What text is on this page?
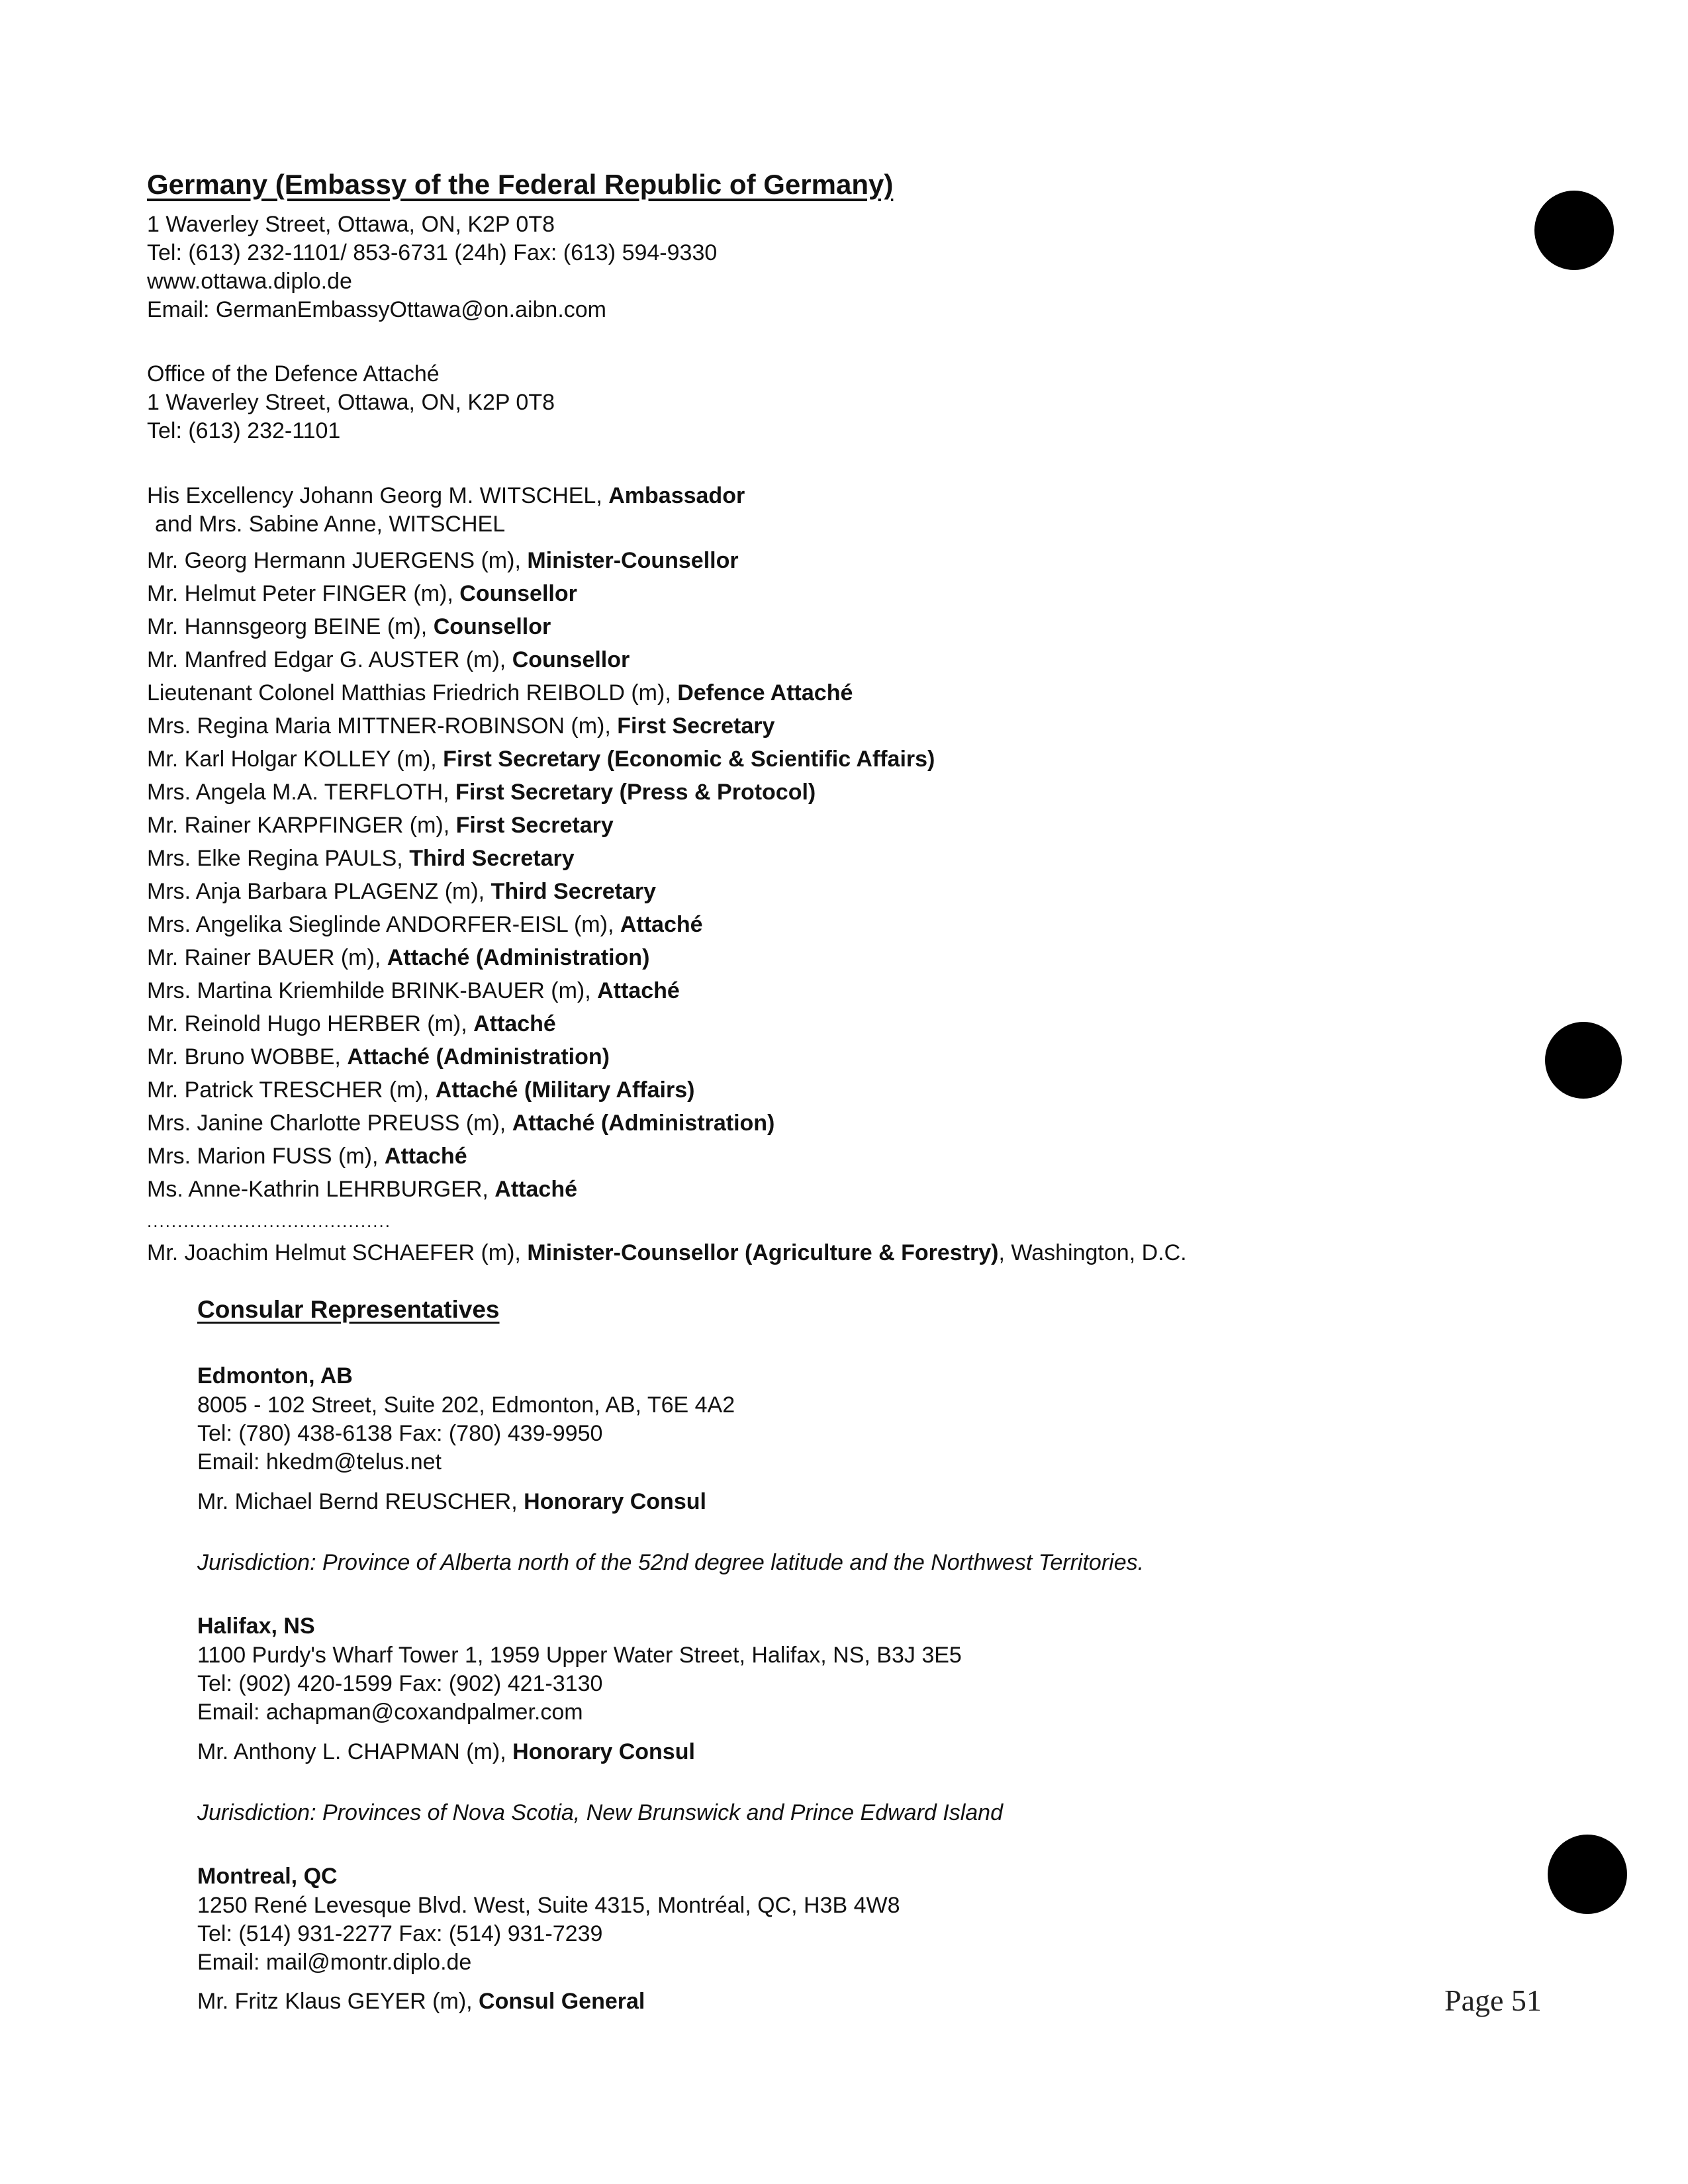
Germany (Embassy of the Federal Republic of Germany)
1 Waverley Street, Ottawa, ON, K2P 0T8
Tel: (613) 232-1101/ 853-6731 (24h) Fax: (613) 594-9330
www.ottawa.diplo.de
Email: GermanEmbassyOttawa@on.aibn.com
Office of the Defence Attaché
1 Waverley Street, Ottawa, ON, K2P 0T8
Tel: (613) 232-1101
His Excellency Johann Georg M. WITSCHEL, Ambassador
and Mrs. Sabine Anne, WITSCHEL
Mr. Georg Hermann JUERGENS (m), Minister-Counsellor
Mr. Helmut Peter FINGER (m), Counsellor
Mr. Hannsgeorg BEINE (m), Counsellor
Mr. Manfred Edgar G. AUSTER (m), Counsellor
Lieutenant Colonel Matthias Friedrich REIBOLD (m), Defence Attaché
Mrs. Regina Maria MITTNER-ROBINSON (m), First Secretary
Mr. Karl Holgar KOLLEY (m), First Secretary (Economic & Scientific Affairs)
Mrs. Angela M.A. TERFLOTH, First Secretary (Press & Protocol)
Mr. Rainer KARPFINGER (m), First Secretary
Mrs. Elke Regina PAULS, Third Secretary
Mrs. Anja Barbara PLAGENZ (m), Third Secretary
Mrs. Angelika Sieglinde ANDORFER-EISL (m), Attaché
Mr. Rainer BAUER (m), Attaché (Administration)
Mrs. Martina Kriemhilde BRINK-BAUER (m), Attaché
Mr. Reinold Hugo HERBER (m), Attaché
Mr. Bruno WOBBE, Attaché (Administration)
Mr. Patrick TRESCHER (m), Attaché (Military Affairs)
Mrs. Janine Charlotte PREUSS (m), Attaché (Administration)
Mrs. Marion FUSS (m), Attaché
Ms. Anne-Kathrin LEHRBURGER, Attaché
........................................
Mr. Joachim Helmut SCHAEFER (m), Minister-Counsellor (Agriculture & Forestry), Washington, D.C.
Consular Representatives
Edmonton, AB
8005 - 102 Street, Suite 202, Edmonton, AB, T6E 4A2
Tel: (780) 438-6138 Fax: (780) 439-9950
Email: hkedm@telus.net
Mr. Michael Bernd REUSCHER, Honorary Consul
Jurisdiction: Province of Alberta north of the 52nd degree latitude and the Northwest Territories.
Halifax, NS
1100 Purdy's Wharf Tower 1, 1959 Upper Water Street, Halifax, NS, B3J 3E5
Tel: (902) 420-1599 Fax: (902) 421-3130
Email: achapman@coxandpalmer.com
Mr. Anthony L. CHAPMAN (m), Honorary Consul
Jurisdiction: Provinces of Nova Scotia, New Brunswick and Prince Edward Island
Montreal, QC
1250 René Levesque Blvd. West, Suite 4315, Montréal, QC, H3B 4W8
Tel: (514) 931-2277 Fax: (514) 931-7239
Email: mail@montr.diplo.de
Mr. Fritz Klaus GEYER (m), Consul General	Page 51
